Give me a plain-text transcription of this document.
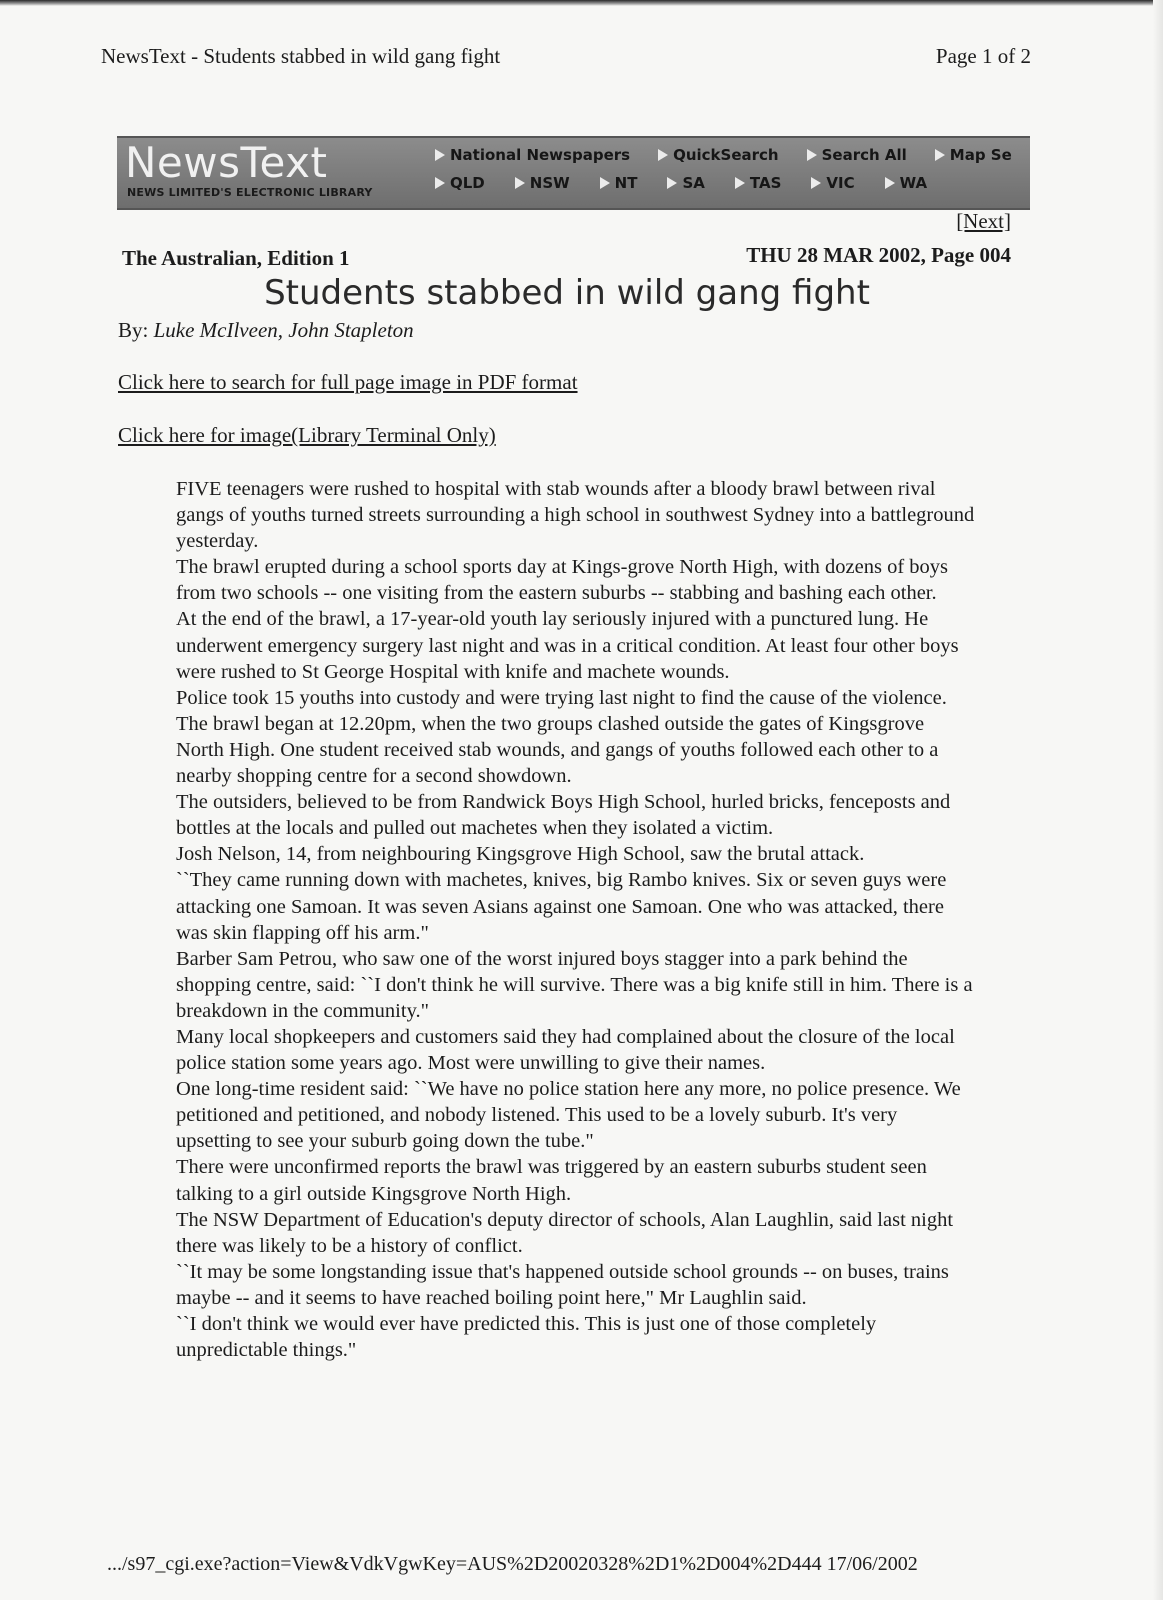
NewsText - Students stabbed in wild gang fight	Page 1 of 2
NewsText
NEWS LIMITED'S ELECTRONIC LIBRARY
National Newspapers	QuickSearch	Search All	Map Se
QLD	NSW	NT	SA	TAS	VIC	WA
[Next]
The Australian, Edition 1	THU 28 MAR 2002, Page 004
Students stabbed in wild gang fight
By: Luke McIlveen, John Stapleton
Click here to search for full page image in PDF format
Click here for image(Library Terminal Only)

FIVE teenagers were rushed to hospital with stab wounds after a bloody brawl between rival gangs of youths turned streets surrounding a high school in southwest Sydney into a battleground yesterday.

The brawl erupted during a school sports day at Kings-grove North High, with dozens of boys from two schools -- one visiting from the eastern suburbs -- stabbing and bashing each other.

At the end of the brawl, a 17-year-old youth lay seriously injured with a punctured lung. He underwent emergency surgery last night and was in a critical condition. At least four other boys were rushed to St George Hospital with knife and machete wounds.

Police took 15 youths into custody and were trying last night to find the cause of the violence.

The brawl began at 12.20pm, when the two groups clashed outside the gates of Kingsgrove North High. One student received stab wounds, and gangs of youths followed each other to a nearby shopping centre for a second showdown.

The outsiders, believed to be from Randwick Boys High School, hurled bricks, fenceposts and bottles at the locals and pulled out machetes when they isolated a victim.

Josh Nelson, 14, from neighbouring Kingsgrove High School, saw the brutal attack.

``They came running down with machetes, knives, big Rambo knives. Six or seven guys were attacking one Samoan. It was seven Asians against one Samoan. One who was attacked, there was skin flapping off his arm."

Barber Sam Petrou, who saw one of the worst injured boys stagger into a park behind the shopping centre, said: ``I don't think he will survive. There was a big knife still in him. There is a breakdown in the community."

Many local shopkeepers and customers said they had complained about the closure of the local police station some years ago. Most were unwilling to give their names.

One long-time resident said: ``We have no police station here any more, no police presence. We petitioned and petitioned, and nobody listened. This used to be a lovely suburb. It's very upsetting to see your suburb going down the tube."

There were unconfirmed reports the brawl was triggered by an eastern suburbs student seen talking to a girl outside Kingsgrove North High.

The NSW Department of Education's deputy director of schools, Alan Laughlin, said last night there was likely to be a history of conflict.

``It may be some longstanding issue that's happened outside school grounds -- on buses, trains maybe -- and it seems to have reached boiling point here," Mr Laughlin said.

``I don't think we would ever have predicted this. This is just one of those completely unpredictable things."

.../s97_cgi.exe?action=View&VdkVgwKey=AUS%2D20020328%2D1%2D004%2D444 17/06/2002
